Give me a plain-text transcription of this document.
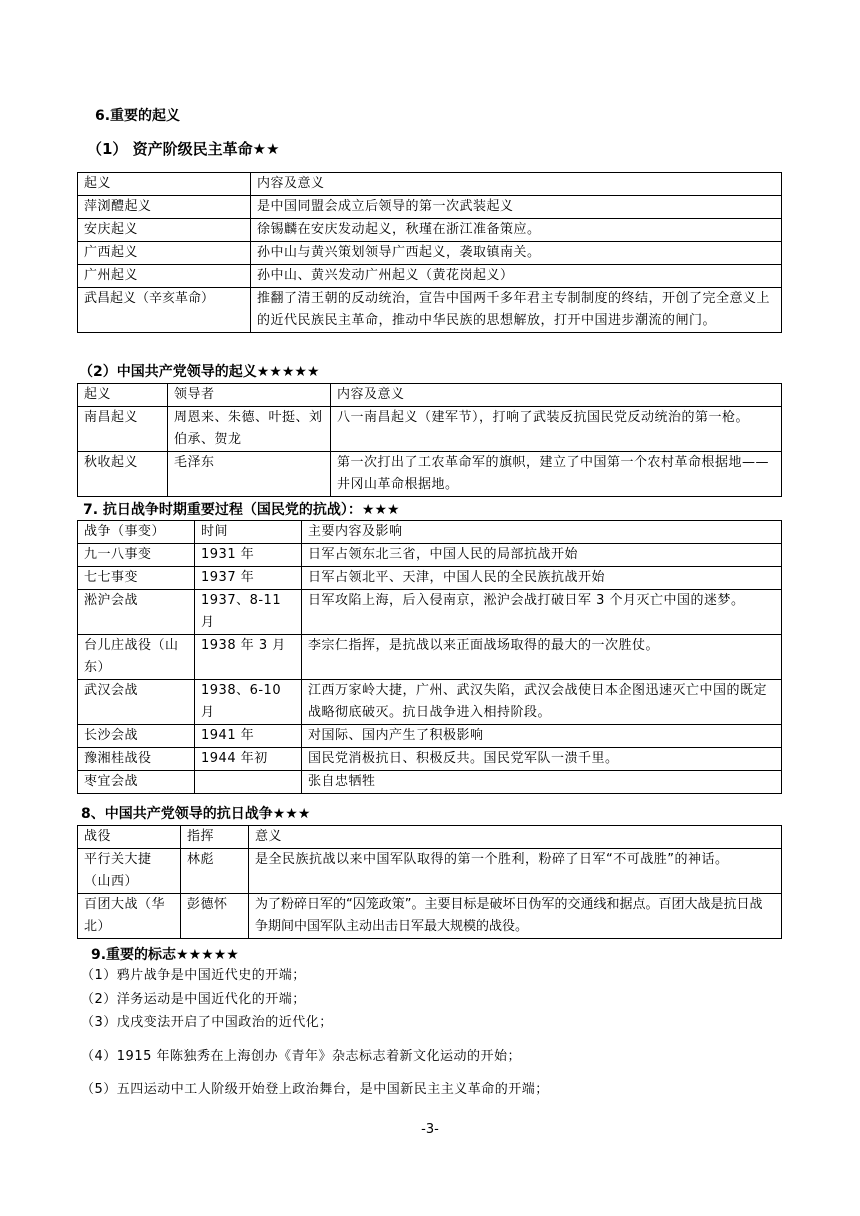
6.重要的起义
（1） 资产阶级民主革命★★
起义	内容及意义
萍浏醴起义	是中国同盟会成立后领导的第一次武装起义
安庆起义	徐锡麟在安庆发动起义，秋瑾在浙江准备策应。
广西起义	孙中山与黄兴策划领导广西起义，袭取镇南关。
广州起义	孙中山、黄兴发动广州起义（黄花岗起义）
武昌起义（辛亥革命）	推翻了清王朝的反动统治，宣告中国两千多年君主专制制度的终结，开创了完全意义上的近代民族民主革命，推动中华民族的思想解放，打开中国进步潮流的闸门。
（2）中国共产党领导的起义★★★★★
起义	领导者	内容及意义
南昌起义	周恩来、朱德、叶挺、刘伯承、贺龙	八一南昌起义（建军节），打响了武装反抗国民党反动统治的第一枪。
秋收起义	毛泽东	第一次打出了工农革命军的旗帜，建立了中国第一个农村革命根据地——井冈山革命根据地。
7. 抗日战争时期重要过程（国民党的抗战）：★★★
战争（事变）	时间	主要内容及影响
九一八事变	1931 年	日军占领东北三省，中国人民的局部抗战开始
七七事变	1937 年	日军占领北平、天津，中国人民的全民族抗战开始
淞沪会战	1937、8-11 月	日军攻陷上海，后入侵南京，淞沪会战打破日军 3 个月灭亡中国的迷梦。
台儿庄战役（山东）	1938 年 3 月	李宗仁指挥，是抗战以来正面战场取得的最大的一次胜仗。
武汉会战	1938、6-10 月	江西万家岭大捷，广州、武汉失陷，武汉会战使日本企图迅速灭亡中国的既定战略彻底破灭。抗日战争进入相持阶段。
长沙会战	1941 年	对国际、国内产生了积极影响
豫湘桂战役	1944 年初	国民党消极抗日、积极反共。国民党军队一溃千里。
枣宜会战		张自忠牺牲
8、中国共产党领导的抗日战争★★★
战役	指挥	意义
平行关大捷（山西）	林彪	是全民族抗战以来中国军队取得的第一个胜利，粉碎了日军“不可战胜”的神话。
百团大战（华北）	彭德怀	为了粉碎日军的“囚笼政策”。主要目标是破坏日伪军的交通线和据点。百团大战是抗日战争期间中国军队主动出击日军最大规模的战役。
9.重要的标志★★★★★
（1）鸦片战争是中国近代史的开端；
（2）洋务运动是中国近代化的开端；
（3）戊戌变法开启了中国政治的近代化；
（4）1915 年陈独秀在上海创办《青年》杂志标志着新文化运动的开始；
（5）五四运动中工人阶级开始登上政治舞台，是中国新民主主义革命的开端；
-3-
